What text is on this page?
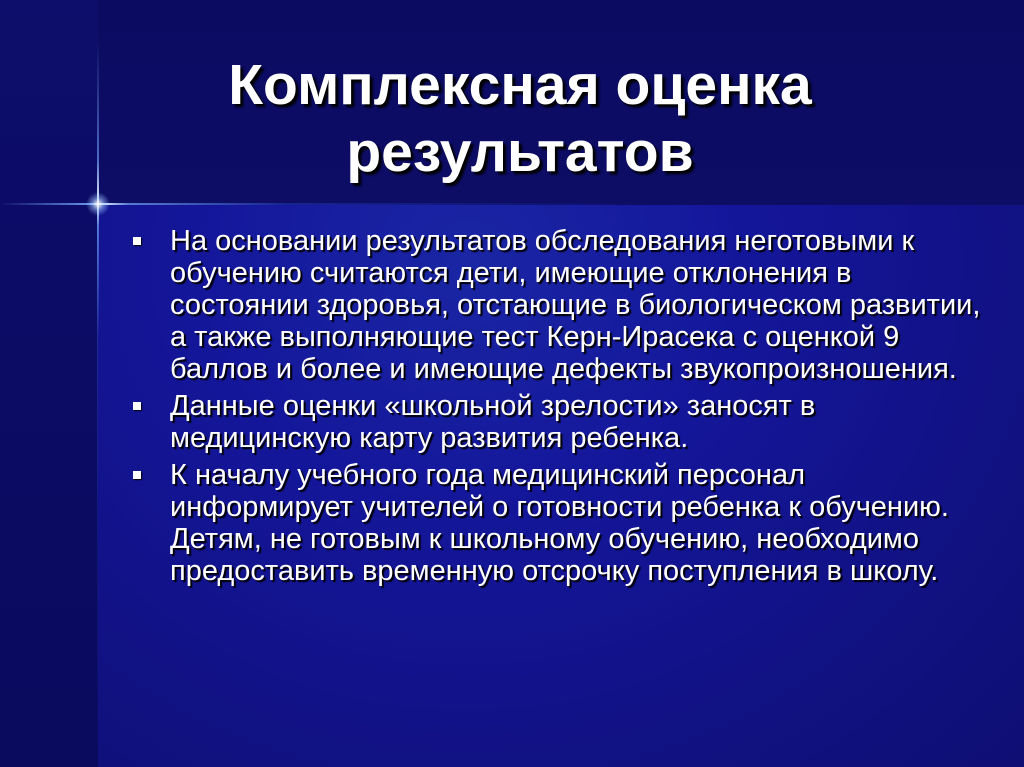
Комплексная оценка
результатов
На основании результатов обследования неготовыми к обучению считаются дети, имеющие отклонения в состоянии здоровья, отстающие в биологическом развитии, а также выполняющие тест Керн-Ирасека с оценкой 9 баллов и более и имеющие дефекты звукопроизношения.
Данные оценки «школьной зрелости» заносят в медицинскую карту развития ребенка.
К началу учебного года медицинский персонал информирует учителей о готовности ребенка к обучению. Детям, не готовым к школьному обучению, необходимо предоставить временную отсрочку поступления в школу.
